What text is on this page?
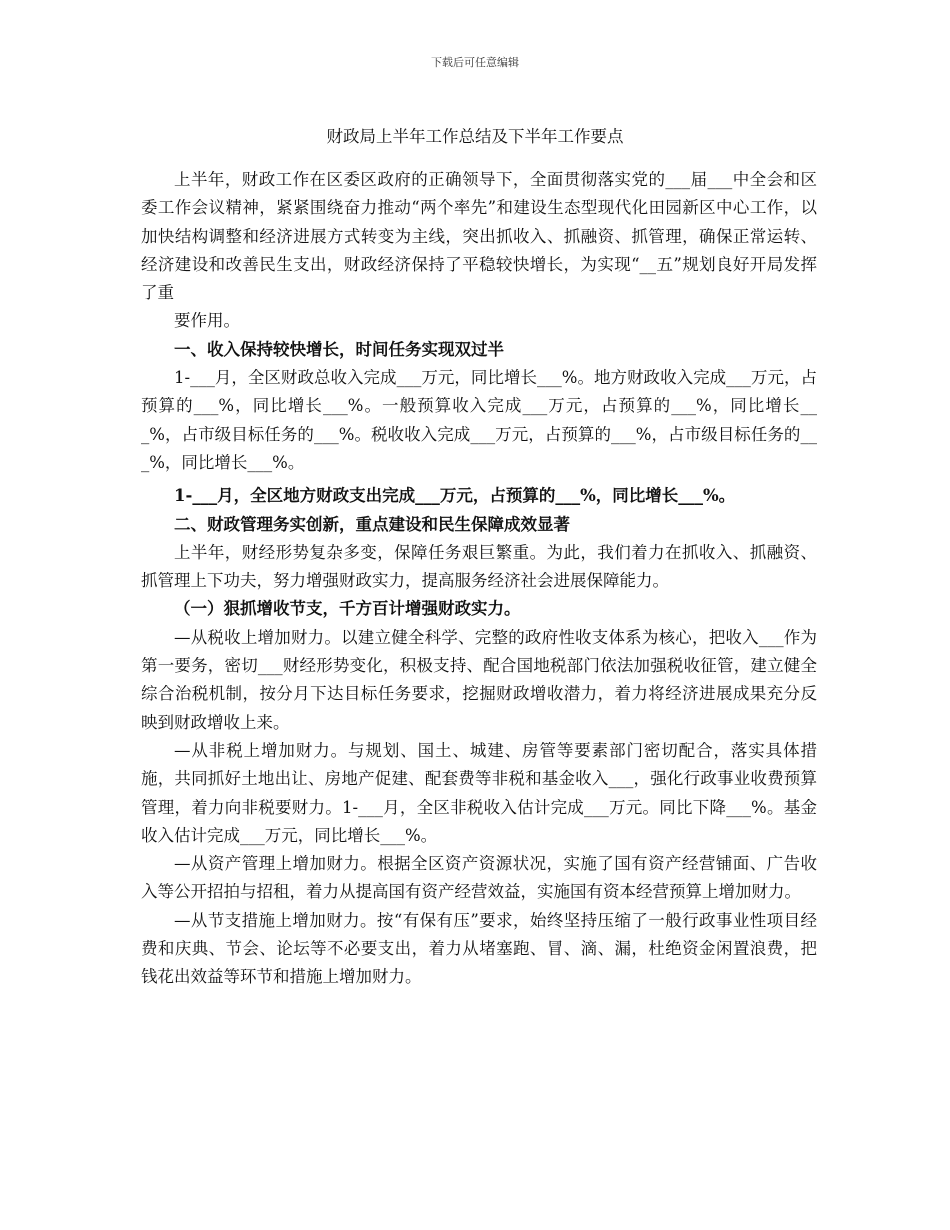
下载后可任意编辑
财政局上半年工作总结及下半年工作要点

上半年，财政工作在区委区政府的正确领导下，全面贯彻落实党的___届___中全会和区委工作会议精神，紧紧围绕奋力推动“两个率先”和建设生态型现代化田园新区中心工作，以加快结构调整和经济进展方式转变为主线，突出抓收入、抓融资、抓管理，确保正常运转、经济建设和改善民生支出，财政经济保持了平稳较快增长，为实现“__五”规划良好开局发挥了重

要作用。

一、收入保持较快增长，时间任务实现双过半

1-___月，全区财政总收入完成___万元，同比增长___%。地方财政收入完成___万元，占预算的___%，同比增长___%。一般预算收入完成___万元，占预算的___%，同比增长___%，占市级目标任务的___%。税收收入完成___万元，占预算的___%，占市级目标任务的___%，同比增长___%。

1-___月，全区地方财政支出完成___万元，占预算的___%，同比增长___%。

二、财政管理务实创新，重点建设和民生保障成效显著

上半年，财经形势复杂多变，保障任务艰巨繁重。为此，我们着力在抓收入、抓融资、抓管理上下功夫，努力增强财政实力，提高服务经济社会进展保障能力。

（一）狠抓增收节支，千方百计增强财政实力。

—从税收上增加财力。以建立健全科学、完整的政府性收支体系为核心，把收入___作为第一要务，密切___财经形势变化，积极支持、配合国地税部门依法加强税收征管，建立健全综合治税机制，按分月下达目标任务要求，挖掘财政增收潜力，着力将经济进展成果充分反映到财政增收上来。

—从非税上增加财力。与规划、国土、城建、房管等要素部门密切配合，落实具体措施，共同抓好土地出让、房地产促建、配套费等非税和基金收入___，强化行政事业收费预算管理，着力向非税要财力。1-___月，全区非税收入估计完成___万元。同比下降___%。基金收入估计完成___万元，同比增长___%。

—从资产管理上增加财力。根据全区资产资源状况，实施了国有资产经营铺面、广告收入等公开招拍与招租，着力从提高国有资产经营效益，实施国有资本经营预算上增加财力。

—从节支措施上增加财力。按“有保有压”要求，始终坚持压缩了一般行政事业性项目经费和庆典、节会、论坛等不必要支出，着力从堵塞跑、冒、滴、漏，杜绝资金闲置浪费，把钱花出效益等环节和措施上增加财力。
